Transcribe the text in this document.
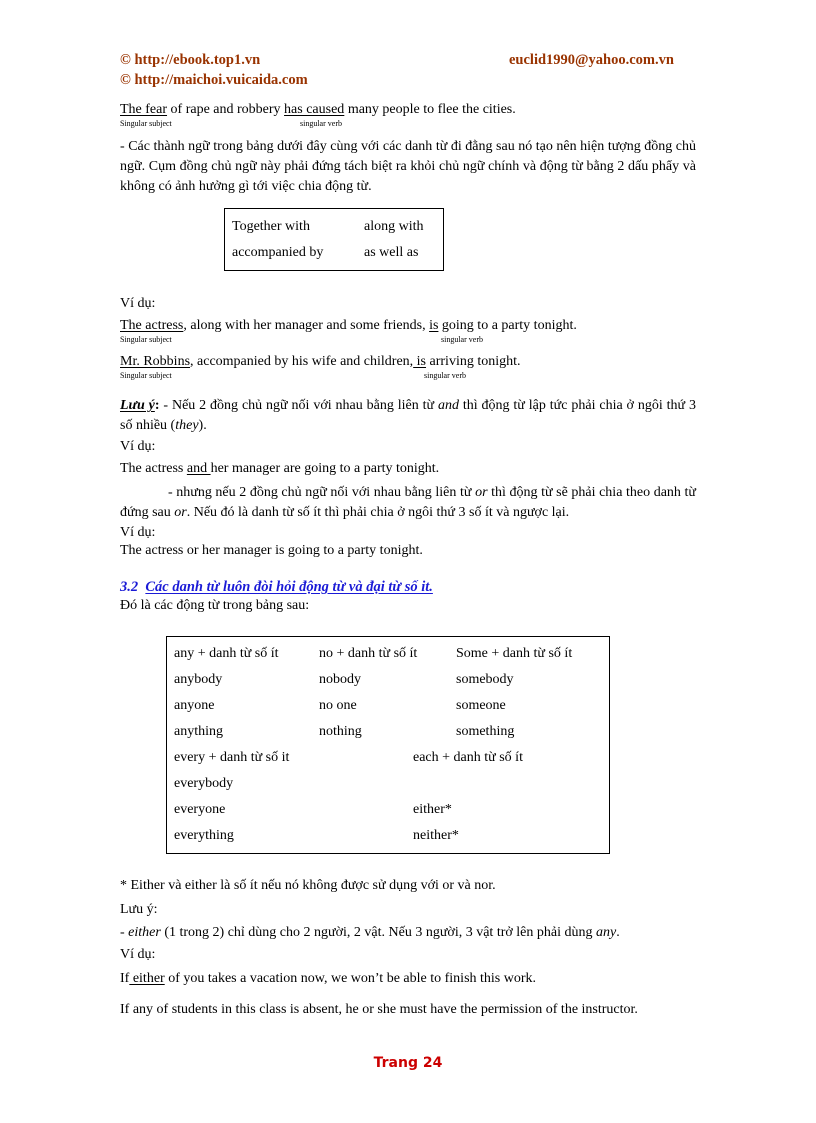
© http://ebook.top1.vn
© http://maichoi.vuicaida.com
euclid1990@yahoo.com.vn
The fear of rape and robbery has caused many people to flee the cities.
Singular subject	singular verb
- Các thành ngữ trong bảng dưới đây cùng với các danh từ đi đằng sau nó tạo nên hiện tượng đồng chủ ngữ. Cụm đồng chủ ngữ này phải đứng tách biệt ra khỏi chủ ngữ chính và động từ bằng 2 dấu phẩy và không có ảnh hưởng gì tới việc chia động từ.
Together with	along with
accompanied by	as well as
Ví dụ:
The actress, along with her manager and some friends, is going to a party tonight.
Singular subject	singular verb
Mr. Robbins, accompanied by his wife and children, is arriving tonight.
Singular subject	singular verb
Lưu ý: - Nếu 2 đồng chủ ngữ nối với nhau bằng liên từ and thì động từ lập tức phải chia ở ngôi thứ 3 số nhiều (they).
Ví dụ:
The actress and her manager are going to a party tonight.
- nhưng nếu 2 đồng chủ ngữ nối với nhau bằng liên từ or thì động từ sẽ phải chia theo danh từ đứng sau or. Nếu đó là danh từ số ít thì phải chia ở ngôi thứ 3 số ít và ngược lại.
Ví dụ:
The actress or her manager is going to a party tonight.
3.2 Các danh từ luôn đòi hỏi động từ và đại từ số it.
Đó là các động từ trong bảng sau:
any + danh từ số ít	no + danh từ số ít	Some + danh từ số ít
anybody	nobody	somebody
anyone	no one	someone
anything	nothing	something
every + danh từ số it	each + danh từ số ít
everybody
everyone	either*
everything	neither*
* Either và either là số ít nếu nó không được sử dụng với or và nor.
Lưu ý:
- either (1 trong 2) chỉ dùng cho 2 người, 2 vật. Nếu 3 người, 3 vật trở lên phải dùng any.
Ví dụ:
If either of you takes a vacation now, we won’t be able to finish this work.
If any of students in this class is absent, he or she must have the permission of the instructor.
Trang 24
